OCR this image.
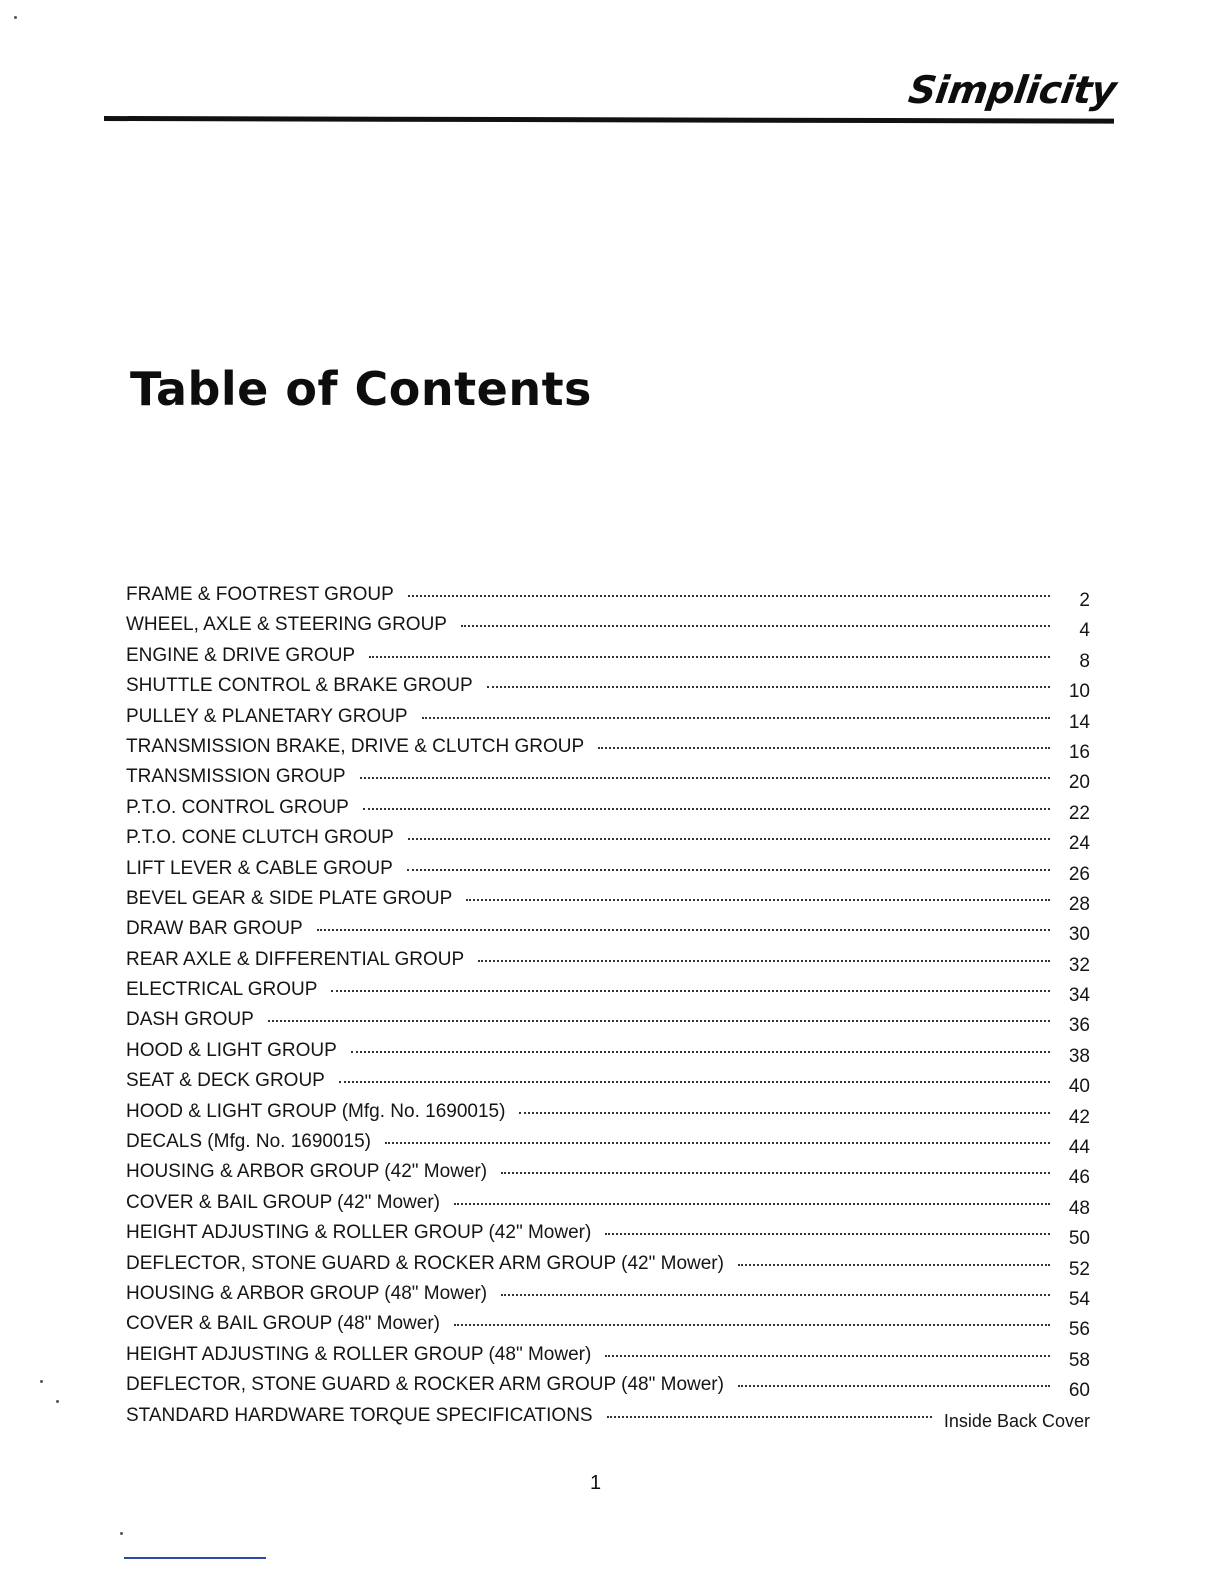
Simplicity
Table of Contents
FRAME & FOOTREST GROUP	2
WHEEL, AXLE & STEERING GROUP	4
ENGINE & DRIVE GROUP	8
SHUTTLE CONTROL & BRAKE GROUP	10
PULLEY & PLANETARY GROUP	14
TRANSMISSION BRAKE, DRIVE & CLUTCH GROUP	16
TRANSMISSION GROUP	20
P.T.O. CONTROL GROUP	22
P.T.O. CONE CLUTCH GROUP	24
LIFT LEVER & CABLE GROUP	26
BEVEL GEAR & SIDE PLATE GROUP	28
DRAW BAR GROUP	30
REAR AXLE & DIFFERENTIAL GROUP	32
ELECTRICAL GROUP	34
DASH GROUP	36
HOOD & LIGHT GROUP	38
SEAT & DECK GROUP	40
HOOD & LIGHT GROUP (Mfg. No. 1690015)	42
DECALS (Mfg. No. 1690015)	44
HOUSING & ARBOR GROUP (42" Mower)	46
COVER & BAIL GROUP (42" Mower)	48
HEIGHT ADJUSTING & ROLLER GROUP (42" Mower)	50
DEFLECTOR, STONE GUARD & ROCKER ARM GROUP (42" Mower)	52
HOUSING & ARBOR GROUP (48" Mower)	54
COVER & BAIL GROUP (48" Mower)	56
HEIGHT ADJUSTING & ROLLER GROUP (48" Mower)	58
DEFLECTOR, STONE GUARD & ROCKER ARM GROUP (48" Mower)	60
STANDARD HARDWARE TORQUE SPECIFICATIONS	Inside Back Cover
1
